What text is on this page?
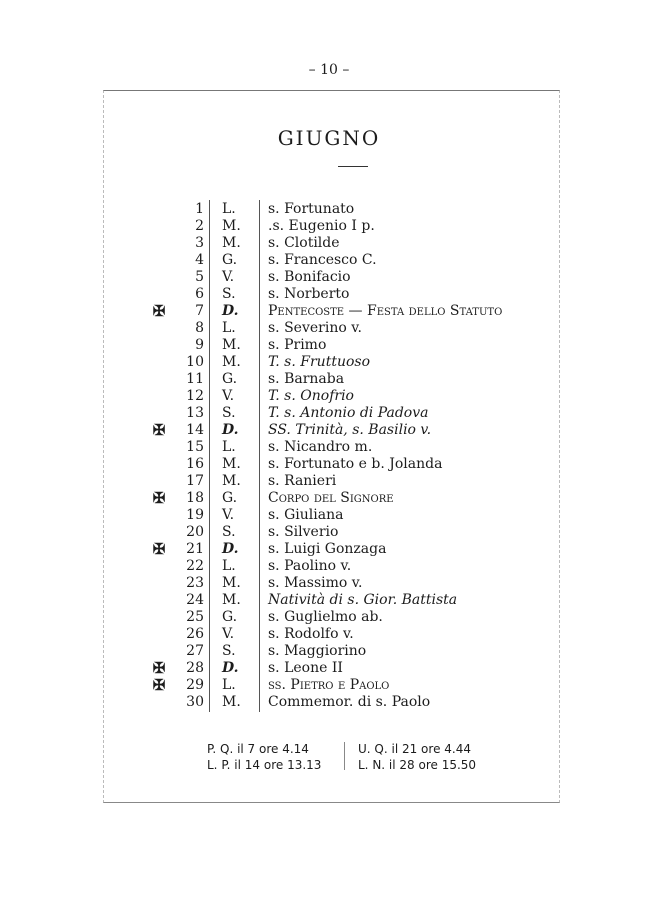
– 10 –
GIUGNO
1 L.	s. Fortunato
2 M.	.s. Eugenio I p.
3 M.	s. Clotilde
4 G.	s. Francesco C.
5 V.	s. Bonifacio
6 S.	s. Norberto
✠	7 D.	Pentecoste — Festa dello Statuto
8 L.	s. Severino v.
9 M.	s. Primo
10 M.	T. s. Fruttuoso
11 G.	s. Barnaba
12 V.	T. s. Onofrio
13 S.	T. s. Antonio di Padova
✠	14 D.	SS. Trinità, s. Basilio v.
15 L.	s. Nicandro m.
16 M.	s. Fortunato e b. Jolanda
17 M.	s. Ranieri
✠	18 G.	Corpo del Signore
19 V.	s. Giuliana
20 S.	s. Silverio
✠	21 D.	s. Luigi Gonzaga
22 L.	s. Paolino v.
23 M.	s. Massimo v.
24 M.	Natività di s. Gior. Battista
25 G.	s. Guglielmo ab.
26 V.	s. Rodolfo v.
27 S.	s. Maggiorino
✠	28 D.	s. Leone II
✠	29 L.	ss. Pietro e Paolo
30 M.	Commemor. di s. Paolo
P. Q. il 7 ore 4.14
L. P. il 14 ore 13.13
U. Q. il 21 ore 4.44
L. N. il 28 ore 15.50
